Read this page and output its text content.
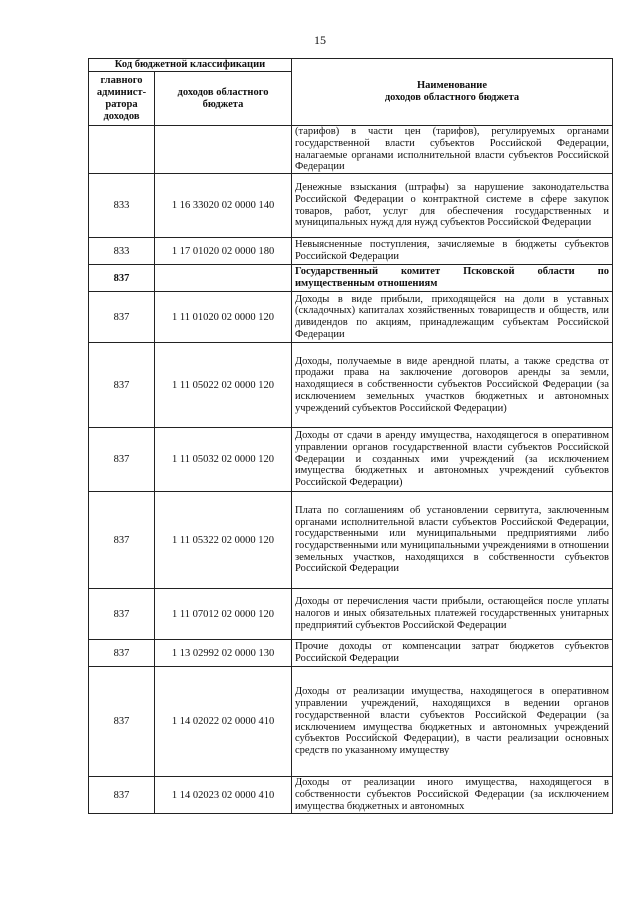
15
Код бюджетной классификации		Наименование
доходов областного бюджета

главного админист-ратора доходов	доходов областного бюджета	
		(тарифов) в части цен (тарифов), регулируемых органами государственной власти субъектов Российской Федерации, налагаемые органами исполнительной власти субъектов Российской Федерации
833	1 16 33020 02 0000 140	Денежные взыскания (штрафы) за нарушение законодательства Российской Федерации о контрактной системе в сфере закупок товаров, работ, услуг для обеспечения государственных и муниципальных нужд для нужд субъектов Российской Федерации
833	1 17 01020 02 0000 180	Невыясненные поступления, зачисляемые в бюджеты субъектов Российской Федерации
837		Государственный комитет Псковской области по имущественным отношениям
837	1 11 01020 02 0000 120	Доходы в виде прибыли, приходящейся на доли в уставных (складочных) капиталах хозяйственных товариществ и обществ, или дивидендов по акциям, принадлежащим субъектам Российской Федерации
837	1 11 05022 02 0000 120	Доходы, получаемые в виде арендной платы, а также средства от продажи права на заключение договоров аренды за земли, находящиеся в собственности субъектов Российской Федерации (за исключением земельных участков бюджетных и автономных учреждений субъектов Российской Федерации)
837	1 11 05032 02 0000 120	Доходы от сдачи в аренду имущества, находящегося в оперативном управлении органов государственной власти субъектов Российской Федерации и созданных ими учреждений (за исключением имущества бюджетных и автономных учреждений субъектов Российской Федерации)
837	1 11 05322 02 0000 120	Плата по соглашениям об установлении сервитута, заключенным органами исполнительной власти субъектов Российской Федерации, государственными или муниципальными предприятиями либо государственными или муниципальными учреждениями в отношении земельных участков, находящихся в собственности субъектов Российской Федерации
837	1 11 07012 02 0000 120	Доходы от перечисления части прибыли, остающейся после уплаты налогов и иных обязательных платежей государственных унитарных предприятий субъектов Российской Федерации
837	1 13 02992 02 0000 130	Прочие доходы от компенсации затрат бюджетов субъектов Российской Федерации
837	1 14 02022 02 0000 410	Доходы от реализации имущества, находящегося в оперативном управлении учреждений, находящихся в ведении органов государственной власти субъектов Российской Федерации (за исключением имущества бюджетных и автономных учреждений субъектов Российской Федерации), в части реализации основных средств по указанному имуществу
837	1 14 02023 02 0000 410	Доходы от реализации иного имущества, находящегося в собственности субъектов Российской Федерации (за исключением имущества бюджетных и автономных
